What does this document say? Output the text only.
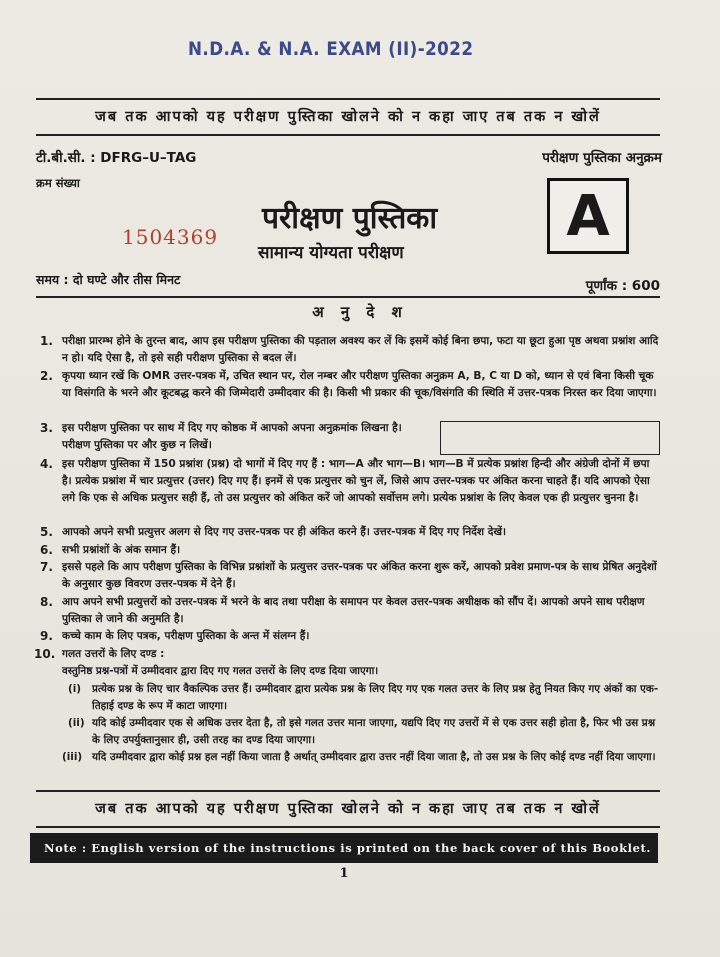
N.D.A. & N.A. EXAM (II)-2022
जब तक आपको यह परीक्षण पुस्तिका खोलने को न कहा जाए तब तक न खोलें
टी.बी.सी. : DFRG–U–TAG	परीक्षण पुस्तिका अनुक्रम
क्रम संख्या
1504369
परीक्षण पुस्तिका
सामान्य योग्यता परीक्षण
A
समय : दो घण्टे और तीस मिनट	पूर्णांक : 600
अ नु दे श
1. परीक्षा प्रारम्भ होने के तुरन्त बाद, आप इस परीक्षण पुस्तिका की पड़ताल अवश्य कर लें कि इसमें कोई बिना छपा, फटा या छूटा हुआ पृष्ठ अथवा प्रश्नांश आदि न हो। यदि ऐसा है, तो इसे सही परीक्षण पुस्तिका से बदल लें।
2. कृपया ध्यान रखें कि OMR उत्तर-पत्रक में, उचित स्थान पर, रोल नम्बर और परीक्षण पुस्तिका अनुक्रम A, B, C या D को, ध्यान से एवं बिना किसी चूक या विसंगति के भरने और कूटबद्ध करने की जिम्मेदारी उम्मीदवार की है। किसी भी प्रकार की चूक/विसंगति की स्थिति में उत्तर-पत्रक निरस्त कर दिया जाएगा।
3. इस परीक्षण पुस्तिका पर साथ में दिए गए कोष्ठक में आपको अपना अनुक्रमांक लिखना है। परीक्षण पुस्तिका पर और कुछ न लिखें।
4. इस परीक्षण पुस्तिका में 150 प्रश्नांश (प्रश्न) दो भागों में दिए गए हैं : भाग—A और भाग—B। भाग—B में प्रत्येक प्रश्नांश हिन्दी और अंग्रेजी दोनों में छपा है। प्रत्येक प्रश्नांश में चार प्रत्युत्तर (उत्तर) दिए गए हैं। इनमें से एक प्रत्युत्तर को चुन लें, जिसे आप उत्तर-पत्रक पर अंकित करना चाहते हैं। यदि आपको ऐसा लगे कि एक से अधिक प्रत्युत्तर सही हैं, तो उस प्रत्युत्तर को अंकित करें जो आपको सर्वोत्तम लगे। प्रत्येक प्रश्नांश के लिए केवल एक ही प्रत्युत्तर चुनना है।
5. आपको अपने सभी प्रत्युत्तर अलग से दिए गए उत्तर-पत्रक पर ही अंकित करने हैं। उत्तर-पत्रक में दिए गए निर्देश देखें।
6. सभी प्रश्नांशों के अंक समान हैं।
7. इससे पहले कि आप परीक्षण पुस्तिका के विभिन्न प्रश्नांशों के प्रत्युत्तर उत्तर-पत्रक पर अंकित करना शुरू करें, आपको प्रवेश प्रमाण-पत्र के साथ प्रेषित अनुदेशों के अनुसार कुछ विवरण उत्तर-पत्रक में देने हैं।
8. आप अपने सभी प्रत्युत्तरों को उत्तर-पत्रक में भरने के बाद तथा परीक्षा के समापन पर केवल उत्तर-पत्रक अधीक्षक को सौंप दें। आपको अपने साथ परीक्षण पुस्तिका ले जाने की अनुमति है।
9. कच्चे काम के लिए पत्रक, परीक्षण पुस्तिका के अन्त में संलग्न हैं।
10. गलत उत्तरों के लिए दण्ड :
वस्तुनिष्ठ प्रश्न-पत्रों में उम्मीदवार द्वारा दिए गए गलत उत्तरों के लिए दण्ड दिया जाएगा।
(i) प्रत्येक प्रश्न के लिए चार वैकल्पिक उत्तर हैं। उम्मीदवार द्वारा प्रत्येक प्रश्न के लिए दिए गए एक गलत उत्तर के लिए प्रश्न हेतु नियत किए गए अंकों का एक-तिहाई दण्ड के रूप में काटा जाएगा।
(ii) यदि कोई उम्मीदवार एक से अधिक उत्तर देता है, तो इसे गलत उत्तर माना जाएगा, यद्यपि दिए गए उत्तरों में से एक उत्तर सही होता है, फिर भी उस प्रश्न के लिए उपर्युक्तानुसार ही, उसी तरह का दण्ड दिया जाएगा।
(iii) यदि उम्मीदवार द्वारा कोई प्रश्न हल नहीं किया जाता है अर्थात् उम्मीदवार द्वारा उत्तर नहीं दिया जाता है, तो उस प्रश्न के लिए कोई दण्ड नहीं दिया जाएगा।
जब तक आपको यह परीक्षण पुस्तिका खोलने को न कहा जाए तब तक न खोलें
Note : English version of the instructions is printed on the back cover of this Booklet.
1
